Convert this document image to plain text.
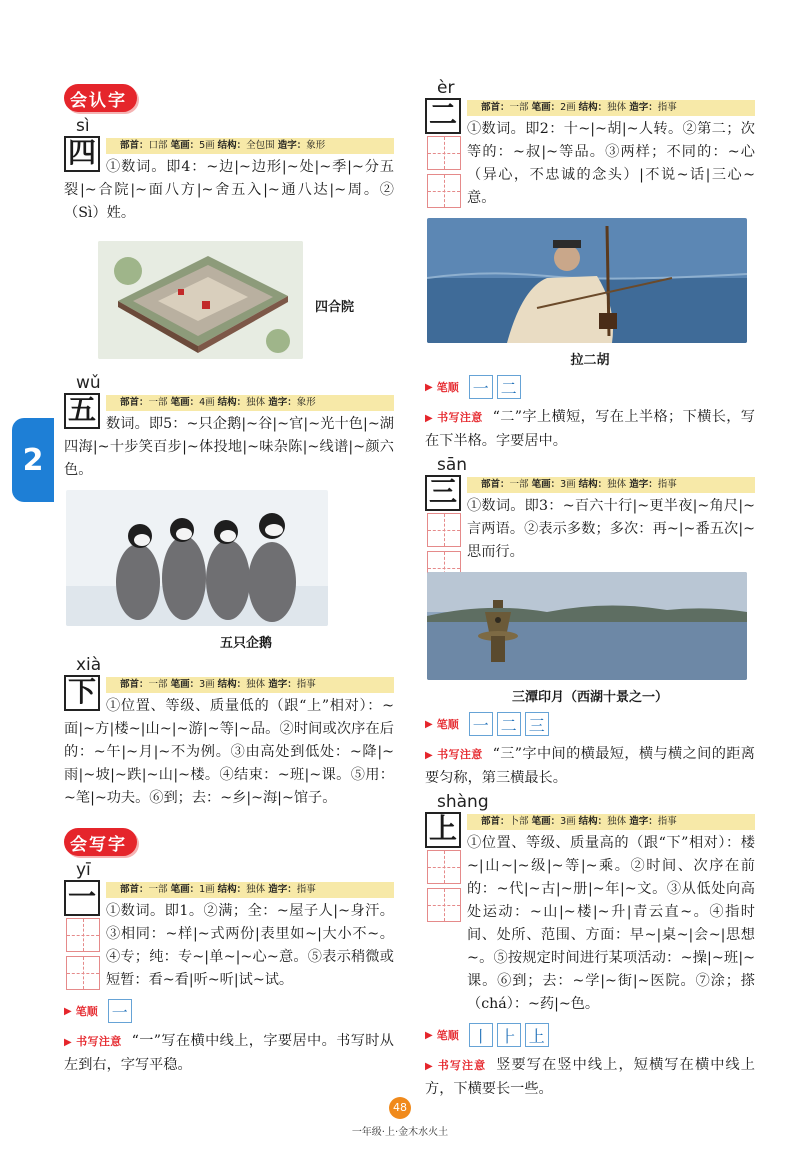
2
会认字
sì
四	部首：口部 笔画：5画 结构：全包围 造字：象形
①数词。即4：~边|~边形|~处|~季|~分五裂|~合院|~面八方|~舍五入|~通八达|~周。②（Sì）姓。
四合院
wǔ
五	部首：一部 笔画：4画 结构：独体 造字：象形
数词。即5：~只企鹅|~谷|~官|~光十色|~湖四海|~十步笑百步|~体投地|~味杂陈|~线谱|~颜六色。
五只企鹅
xià
下	部首：一部 笔画：3画 结构：独体 造字：指事
①位置、等级、质量低的（跟“上”相对）：~面|~方|楼~|山~|~游|~等|~品。②时间或次序在后的：~午|~月|~不为例。③由高处到低处：~降|~雨|~坡|~跌|~山|~楼。④结束：~班|~课。⑤用：~笔|~功夫。⑥到；去：~乡|~海|~馆子。
会写字
yī
一	部首：一部 笔画：1画 结构：独体 造字：指事
①数词。即1。②满；全：~屋子人|~身汗。③相同：~样|~式两份|表里如~|大小不~。④专；纯：专~|单~|~心~意。⑤表示稍微或短暂：看~看|听~听|试~试。
▶ 笔顺 一
▶ 书写注意 “一”写在横中线上，字要居中。书写时从左到右，字写平稳。
èr
二	部首：一部 笔画：2画 结构：独体 造字：指事
①数词。即2：十~|~胡|~人转。②第二；次等的：~叔|~等品。③两样；不同的：~心（异心，不忠诚的念头）|不说~话|三心~意。
拉二胡
▶ 笔顺 一 二
▶ 书写注意 “二”字上横短，写在上半格；下横长，写在下半格。字要居中。
sān
三	部首：一部 笔画：3画 结构：独体 造字：指事
①数词。即3：~百六十行|~更半夜|~角尺|~言两语。②表示多数；多次：再~|~番五次|~思而行。
三潭印月（西湖十景之一）
▶ 笔顺 一 二 三
▶ 书写注意 “三”字中间的横最短，横与横之间的距离要匀称，第三横最长。
shàng
上	部首：卜部 笔画：3画 结构：独体 造字：指事
①位置、等级、质量高的（跟“下”相对）：楼~|山~|~级|~等|~乘。②时间、次序在前的：~代|~古|~册|~年|~文。③从低处向高处运动：~山|~楼|~升|青云直~。④指时间、处所、范围、方面：早~|桌~|会~|思想~。⑤按规定时间进行某项活动：~操|~班|~课。⑥到；去：~学|~街|~医院。⑦涂；搽（chá）：~药|~色。
▶ 笔顺 丨 ⺊ 上
▶ 书写注意 竖要写在竖中线上，短横写在横中线上方，下横要长一些。
48
一年级·上·金木水火土
